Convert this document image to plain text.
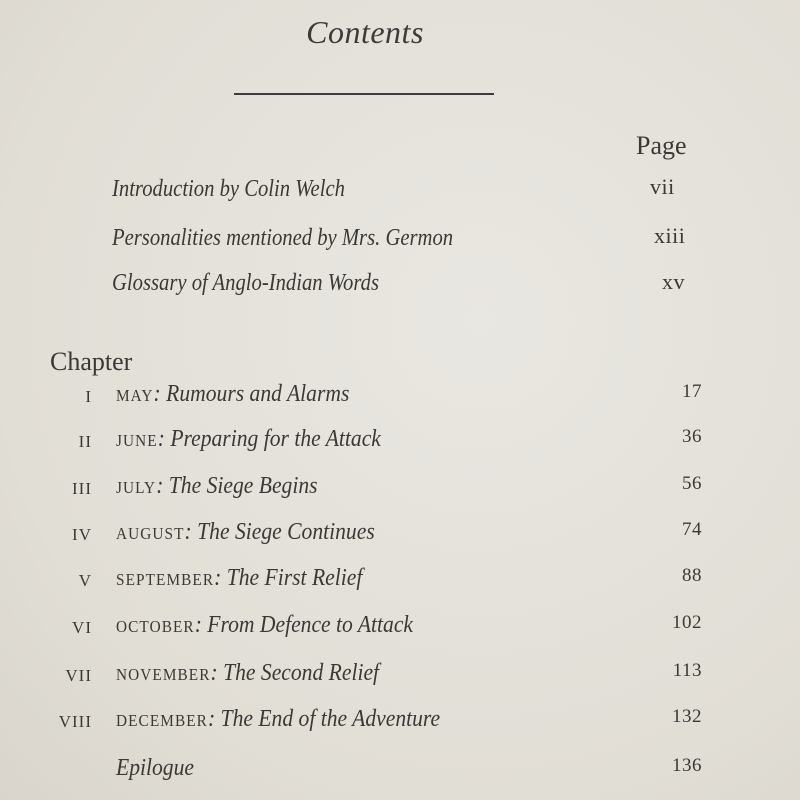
Contents
Page
Introduction by Colin Welch	vii
Personalities mentioned by Mrs. Germon	xiii
Glossary of Anglo-Indian Words	xv
Chapter
I MAY: Rumours and Alarms	17
II JUNE: Preparing for the Attack	36
III JULY: The Siege Begins	56
IV AUGUST: The Siege Continues	74
V SEPTEMBER: The First Relief	88
VI OCTOBER: From Defence to Attack	102
VII NOVEMBER: The Second Relief	113
VIII DECEMBER: The End of the Adventure	132
Epilogue	136
